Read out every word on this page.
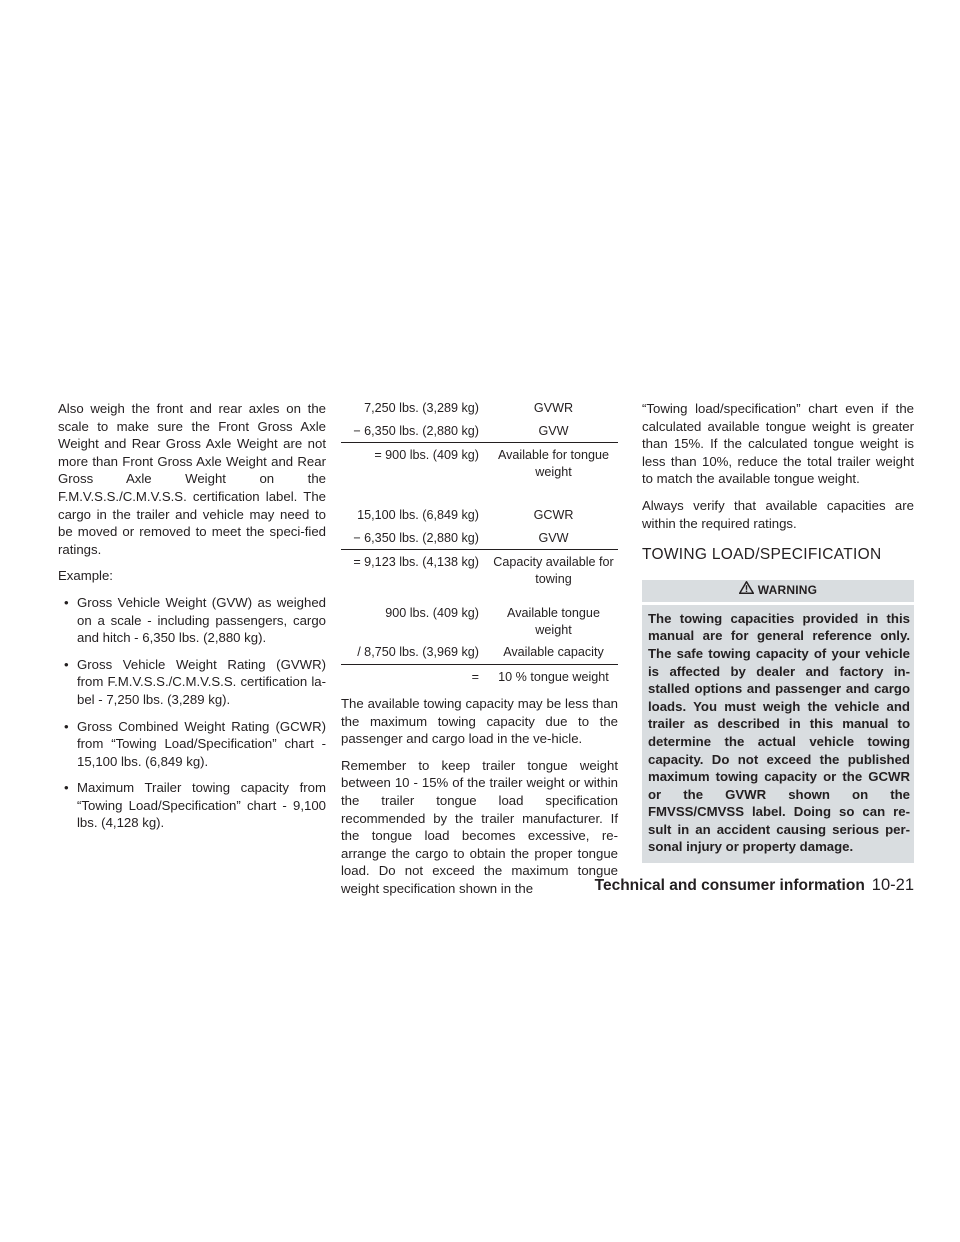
Also weigh the front and rear axles on the scale to make sure the Front Gross Axle Weight and Rear Gross Axle Weight are not more than Front Gross Axle Weight and Rear Gross Axle Weight on the F.M.V.S.S./C.M.V.S.S. certification label. The cargo in the trailer and vehicle may need to be moved or removed to meet the speci-fied ratings.

Example:

• Gross Vehicle Weight (GVW) as weighed on a scale - including passengers, cargo and hitch - 6,350 lbs. (2,880 kg).
• Gross Vehicle Weight Rating (GVWR) from F.M.V.S.S./C.M.V.S.S. certification la-bel - 7,250 lbs. (3,289 kg).
• Gross Combined Weight Rating (GCWR) from “Towing Load/Specification” chart - 15,100 lbs. (6,849 kg).
• Maximum Trailer towing capacity from “Towing Load/Specification” chart - 9,100 lbs. (4,128 kg).
7,250 lbs. (3,289 kg)	GVWR
− 6,350 lbs. (2,880 kg)	GVW
= 900 lbs. (409 kg)	Available for tongue weight
15,100 lbs. (6,849 kg)	GCWR
− 6,350 lbs. (2,880 kg)	GVW
= 9,123 lbs. (4,138 kg)	Capacity available for towing
900 lbs. (409 kg)	Available tongue weight
/ 8,750 lbs. (3,969 kg)	Available capacity
=	10 % tongue weight

The available towing capacity may be less than the maximum towing capacity due to the passenger and cargo load in the ve-hicle.

Remember to keep trailer tongue weight between 10 - 15% of the trailer weight or within the trailer tongue load specification recommended by the trailer manufacturer. If the tongue load becomes excessive, re-arrange the cargo to obtain the proper tongue load. Do not exceed the maximum tongue weight specification shown in the

“Towing load/specification” chart even if the calculated available tongue weight is greater than 15%. If the calculated tongue weight is less than 10%, reduce the total trailer weight to match the available tongue weight.

Always verify that available capacities are within the required ratings.

TOWING LOAD/SPECIFICATION
WARNING
The towing capacities provided in this manual are for general reference only. The safe towing capacity of your vehicle is affected by dealer and factory in-stalled options and passenger and cargo loads. You must weigh the vehicle and trailer as described in this manual to determine the actual vehicle towing capacity. Do not exceed the published maximum towing capacity or the GCWR or the GVWR shown on the FMVSS/CMVSS label. Doing so can re-sult in an accident causing serious per-sonal injury or property damage.
Technical and consumer information 10-21
